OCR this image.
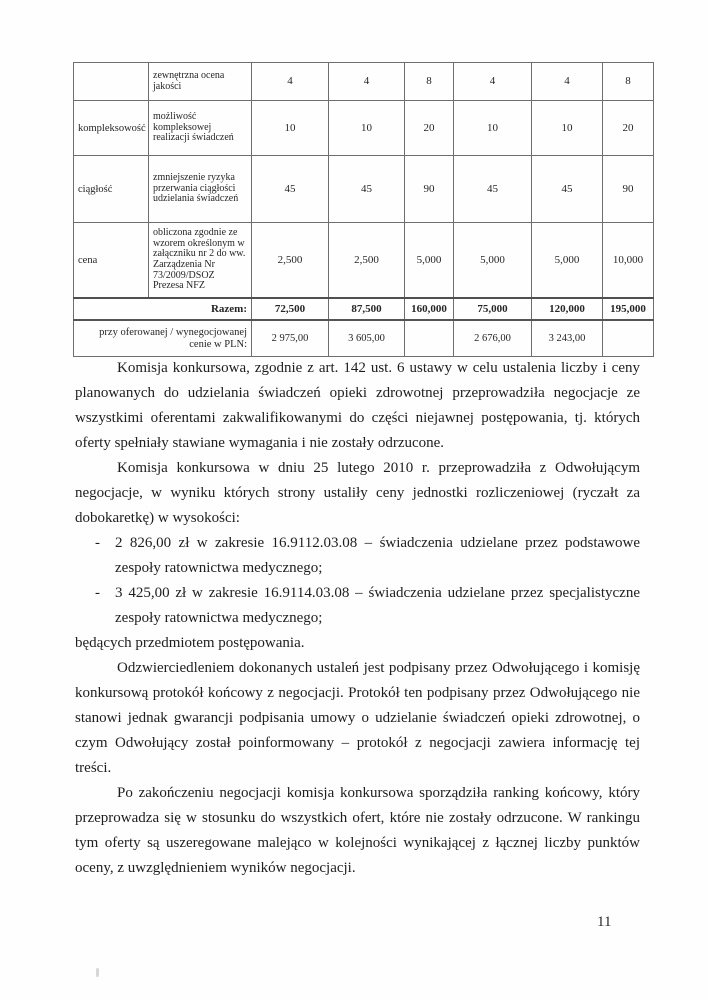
	zewnętrzna ocena jakości	4	4	8	4	4	8
kompleksowość	możliwość kompleksowej realizacji świadczeń	10	10	20	10	10	20
ciągłość	zmniejszenie ryzyka przerwania ciągłości udzielania świadczeń	45	45	90	45	45	90
cena	obliczona zgodnie ze wzorem określonym w załączniku nr 2 do ww. Zarządzenia Nr 73/2009/DSOZ Prezesa NFZ	2,500	2,500	5,000	5,000	5,000	10,000
Razem:		72,500	87,500	160,000	75,000	120,000	195,000
przy oferowanej / wynegocjowanej cenie w PLN:		2 975,00	3 605,00		2 676,00	3 243,00	

Komisja konkursowa, zgodnie z art. 142 ust. 6 ustawy w celu ustalenia liczby i ceny planowanych do udzielania świadczeń opieki zdrowotnej przeprowadziła negocjacje ze wszystkimi oferentami zakwalifikowanymi do części niejawnej postępowania, tj. których oferty spełniały stawiane wymagania i nie zostały odrzucone.

Komisja konkursowa w dniu 25 lutego 2010 r. przeprowadziła z Odwołującym negocjacje, w wyniku których strony ustaliły ceny jednostki rozliczeniowej (ryczałt za dobokaretkę) w wysokości:

-	2 826,00 zł w zakresie 16.9112.03.08 – świadczenia udzielane przez podstawowe zespoły ratownictwa medycznego;
-	3 425,00 zł w zakresie 16.9114.03.08 – świadczenia udzielane przez specjalistyczne zespoły ratownictwa medycznego;

będących przedmiotem postępowania.

Odzwierciedleniem dokonanych ustaleń jest podpisany przez Odwołującego i komisję konkursową protokół końcowy z negocjacji. Protokół ten podpisany przez Odwołującego nie stanowi jednak gwarancji podpisania umowy o udzielanie świadczeń opieki zdrowotnej, o czym Odwołujący został poinformowany – protokół z negocjacji zawiera informację tej treści.

Po zakończeniu negocjacji komisja konkursowa sporządziła ranking końcowy, który przeprowadza się w stosunku do wszystkich ofert, które nie zostały odrzucone. W rankingu tym oferty są uszeregowane malejąco w kolejności wynikającej z łącznej liczby punktów oceny, z uwzględnieniem wyników negocjacji.

11
